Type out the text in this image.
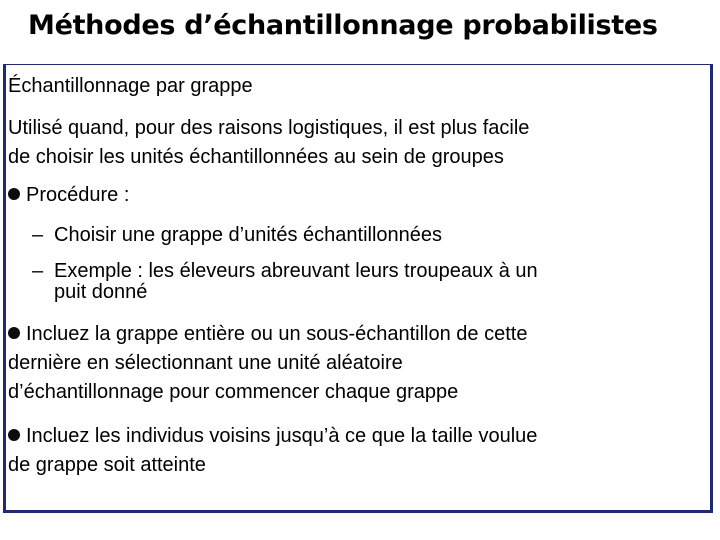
Méthodes d’échantillonnage probabilistes
Échantillonnage par grappe
Utilisé quand, pour des raisons logistiques, il est plus facile
de choisir les unités échantillonnées au sein de groupes
Procédure :
– Choisir une grappe d’unités échantillonnées
– Exemple : les éleveurs abreuvant leurs troupeaux à un
puit donné
Incluez la grappe entière ou un sous-échantillon de cette
dernière en sélectionnant une unité aléatoire
d’échantillonnage pour commencer chaque grappe
Incluez les individus voisins jusqu’à ce que la taille voulue
de grappe soit atteinte
